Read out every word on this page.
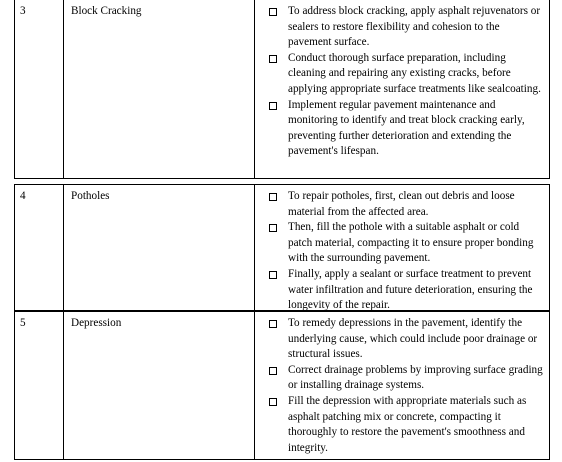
3	Block Cracking	To address block cracking, apply asphalt rejuvenators or sealers to restore flexibility and cohesion to the pavement surface.
Conduct thorough surface preparation, including cleaning and repairing any existing cracks, before applying appropriate surface treatments like sealcoating.
Implement regular pavement maintenance and monitoring to identify and treat block cracking early, preventing further deterioration and extending the pavement's lifespan.
4	Potholes	To repair potholes, first, clean out debris and loose material from the affected area.
Then, fill the pothole with a suitable asphalt or cold patch material, compacting it to ensure proper bonding with the surrounding pavement.
Finally, apply a sealant or surface treatment to prevent water infiltration and future deterioration, ensuring the longevity of the repair.
5	Depression	To remedy depressions in the pavement, identify the underlying cause, which could include poor drainage or structural issues.
Correct drainage problems by improving surface grading or installing drainage systems.
Fill the depression with appropriate materials such as asphalt patching mix or concrete, compacting it thoroughly to restore the pavement's smoothness and integrity.
